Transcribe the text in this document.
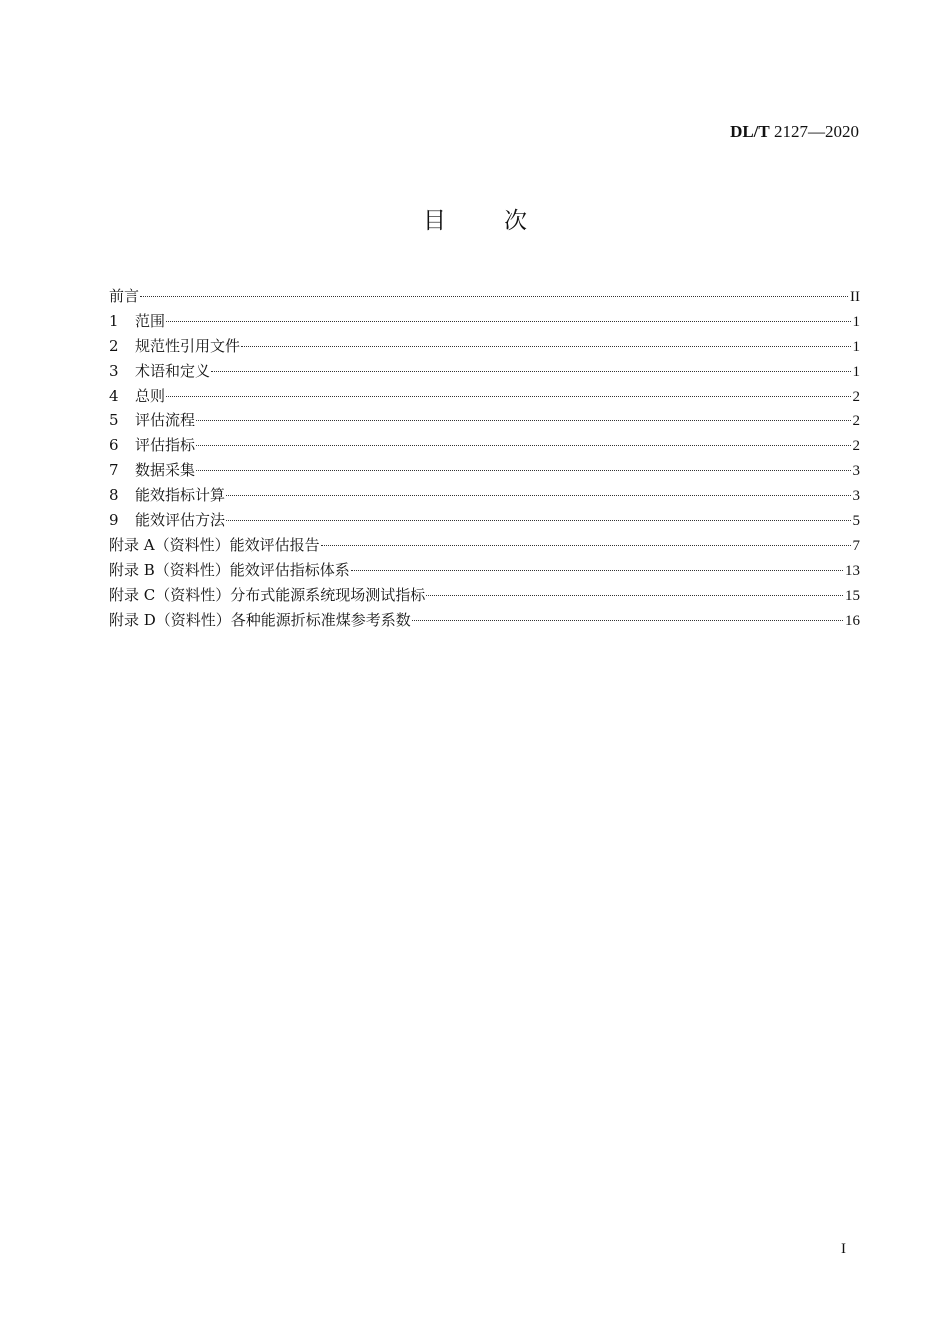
DL/T 2127—2020
目	次
前言	II
1	范围	1
2	规范性引用文件	1
3	术语和定义	1
4	总则	2
5	评估流程	2
6	评估指标	2
7	数据采集	3
8	能效指标计算	3
9	能效评估方法	5
附录 A（资料性） 能效评估报告	7
附录 B（资料性） 能效评估指标体系	13
附录 C（资料性） 分布式能源系统现场测试指标	15
附录 D（资料性） 各种能源折标准煤参考系数	16
I
